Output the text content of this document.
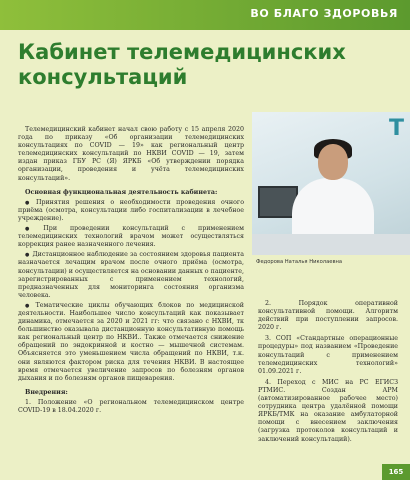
ВО БЛАГО ЗДОРОВЬЯ
Кабинет телемедицинских консультаций

Телемедицинский кабинет начал свою работу с 15 апреля 2020 года по приказу «Об организации телемедицинских консультациях по COVID — 19» как региональный центр телемедицинских консультаций по НКВИ COVID — 19, затем издан приказ ГБУ РС (Я) ЯРКБ «Об утверждении порядка организации, проведения и учёта телемедицинских консультаций».

Основная функциональная деятельность кабинета:

● Принятия решения о необходимости проведения очного приёма (осмотра, консультации либо госпитализации в лечебное учреждение).

● При проведении консультаций с применением телемедицинских технологий врачом может осуществляться коррекция ранее назначенного лечения.

● Дистанционное наблюдение за состоянием здоровья пациента назначается лечащим врачом после очного приёма (осмотра, консультации) и осуществляется на основании данных о пациенте, зарегистрированных с применением технологий, предназначенных для мониторинга состояния организма человека.

● Тематические циклы обучающих блоков по медицинской деятельности. Наибольшее число консультаций как показывает динамика, отмечается за 2020 и 2021 гг: что связано с НХВИ, тк большинство оказывала дистанционную консультативную помощь как региональный центр по НКВИ.. Также отмечается снижение обращений по эндокринной и костно — мышечной системам. Объясняется это уменьшением числа обращений по НКВИ, т.к. они являются фактором риска для течения НКВИ. В настоящее время отмечается увеличение запросов по болезням органов дыхания и по болезням органов пищеварения.

Внедрения:

1. Положение «О региональном телемедицинском центре COVID-19 в 18.04.2020 г.

T
Федорова Наталья Николаевна

2. Порядок оперативной консультативной помощи. Алгоритм действий при поступлении запросов. 2020 г.

3. СОП «Стандартные операционные процедуры» под названием «Проведение консультаций с применением телемедицинских технологий» 01.09.2021 г.

4. Переход с МИС на РС ЕГИСЗ РТМИС. Создан АРМ (автоматизированное рабочее место) сотрудника центра удалённой помощи ЯРКБ/ТМК на оказание амбулаторной помощи с внесением заключения (загрузка протоколов консультаций и заключений консультаций).

165
